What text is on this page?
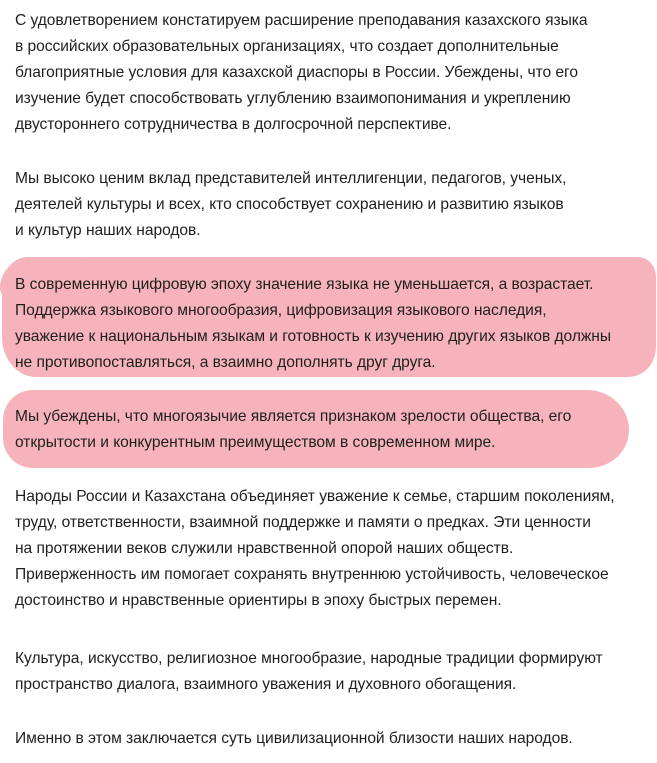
С удовлетворением констатируем расширение преподавания казахского языка
в российских образовательных организациях, что создает дополнительные
благоприятные условия для казахской диаспоры в России. Убеждены, что его
изучение будет способствовать углублению взаимопонимания и укреплению
двустороннего сотрудничества в долгосрочной перспективе.

Мы высоко ценим вклад представителей интеллигенции, педагогов, ученых,
деятелей культуры и всех, кто способствует сохранению и развитию языков
и культур наших народов.

В современную цифровую эпоху значение языка не уменьшается, а возрастает.
Поддержка языкового многообразия, цифровизация языкового наследия,
уважение к национальным языкам и готовность к изучению других языков должны
не противопоставляться, а взаимно дополнять друг друга.

Мы убеждены, что многоязычие является признаком зрелости общества, его
открытости и конкурентным преимуществом в современном мире.

Народы России и Казахстана объединяет уважение к семье, старшим поколениям,
труду, ответственности, взаимной поддержке и памяти о предках. Эти ценности
на протяжении веков служили нравственной опорой наших обществ.
Приверженность им помогает сохранять внутреннюю устойчивость, человеческое
достоинство и нравственные ориентиры в эпоху быстрых перемен.

Культура, искусство, религиозное многообразие, народные традиции формируют
пространство диалога, взаимного уважения и духовного обогащения.

Именно в этом заключается суть цивилизационной близости наших народов.
